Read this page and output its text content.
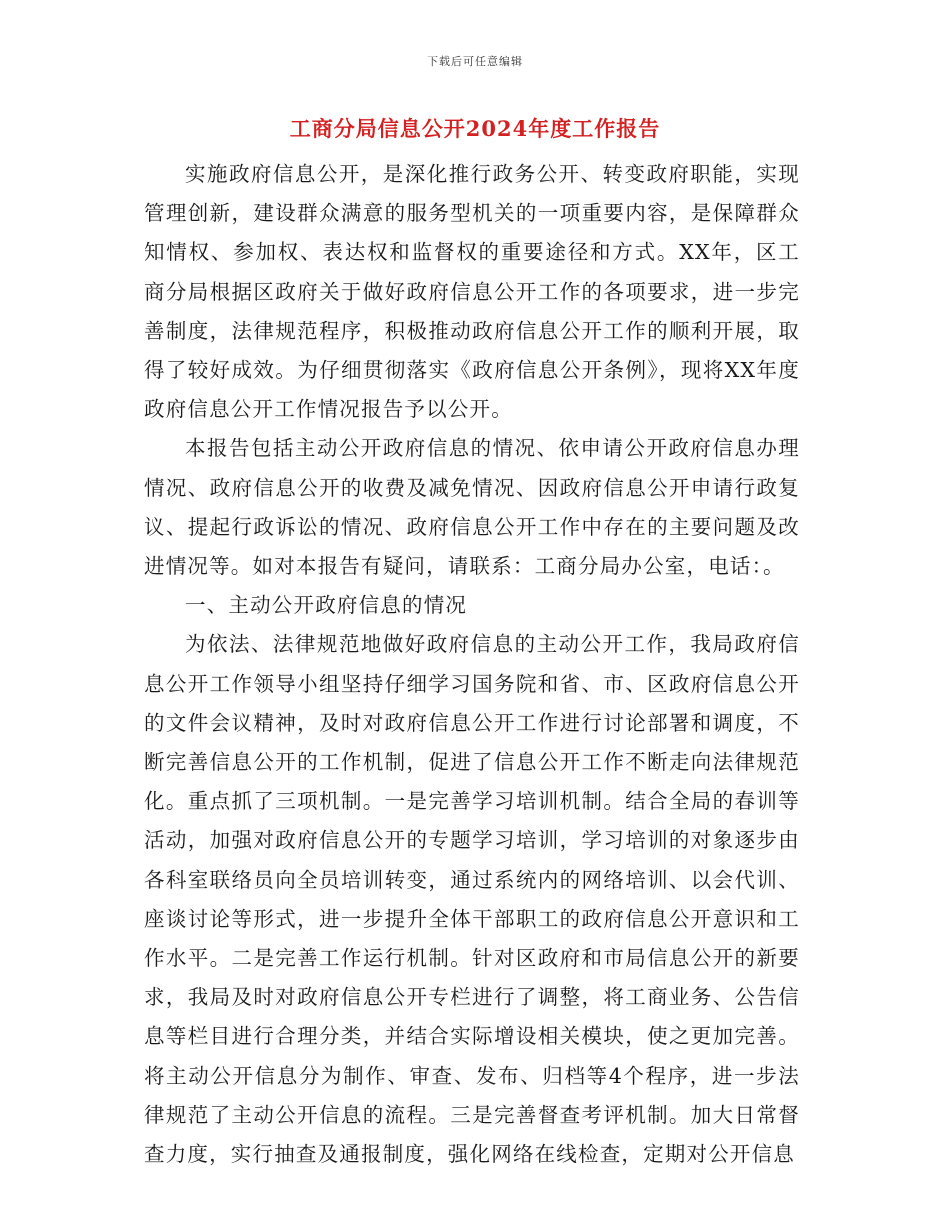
下载后可任意编辑
工商分局信息公开2024年度工作报告

实施政府信息公开，是深化推行政务公开、转变政府职能，实现管理创新，建设群众满意的服务型机关的一项重要内容，是保障群众知情权、参加权、表达权和监督权的重要途径和方式。XX年，区工商分局根据区政府关于做好政府信息公开工作的各项要求，进一步完善制度，法律规范程序，积极推动政府信息公开工作的顺利开展，取得了较好成效。为仔细贯彻落实《政府信息公开条例》，现将XX年度政府信息公开工作情况报告予以公开。

本报告包括主动公开政府信息的情况、依申请公开政府信息办理情况、政府信息公开的收费及减免情况、因政府信息公开申请行政复议、提起行政诉讼的情况、政府信息公开工作中存在的主要问题及改进情况等。如对本报告有疑问，请联系：工商分局办公室，电话：。

一、主动公开政府信息的情况

为依法、法律规范地做好政府信息的主动公开工作，我局政府信息公开工作领导小组坚持仔细学习国务院和省、市、区政府信息公开的文件会议精神，及时对政府信息公开工作进行讨论部署和调度，不断完善信息公开的工作机制，促进了信息公开工作不断走向法律规范化。重点抓了三项机制。一是完善学习培训机制。结合全局的春训等活动，加强对政府信息公开的专题学习培训，学习培训的对象逐步由各科室联络员向全员培训转变，通过系统内的网络培训、以会代训、座谈讨论等形式，进一步提升全体干部职工的政府信息公开意识和工作水平。二是完善工作运行机制。针对区政府和市局信息公开的新要求，我局及时对政府信息公开专栏进行了调整，将工商业务、公告信息等栏目进行合理分类，并结合实际增设相关模块，使之更加完善。将主动公开信息分为制作、审查、发布、归档等4个程序，进一步法律规范了主动公开信息的流程。三是完善督查考评机制。加大日常督查力度，实行抽查及通报制度，强化网络在线检查，定期对公开信息
